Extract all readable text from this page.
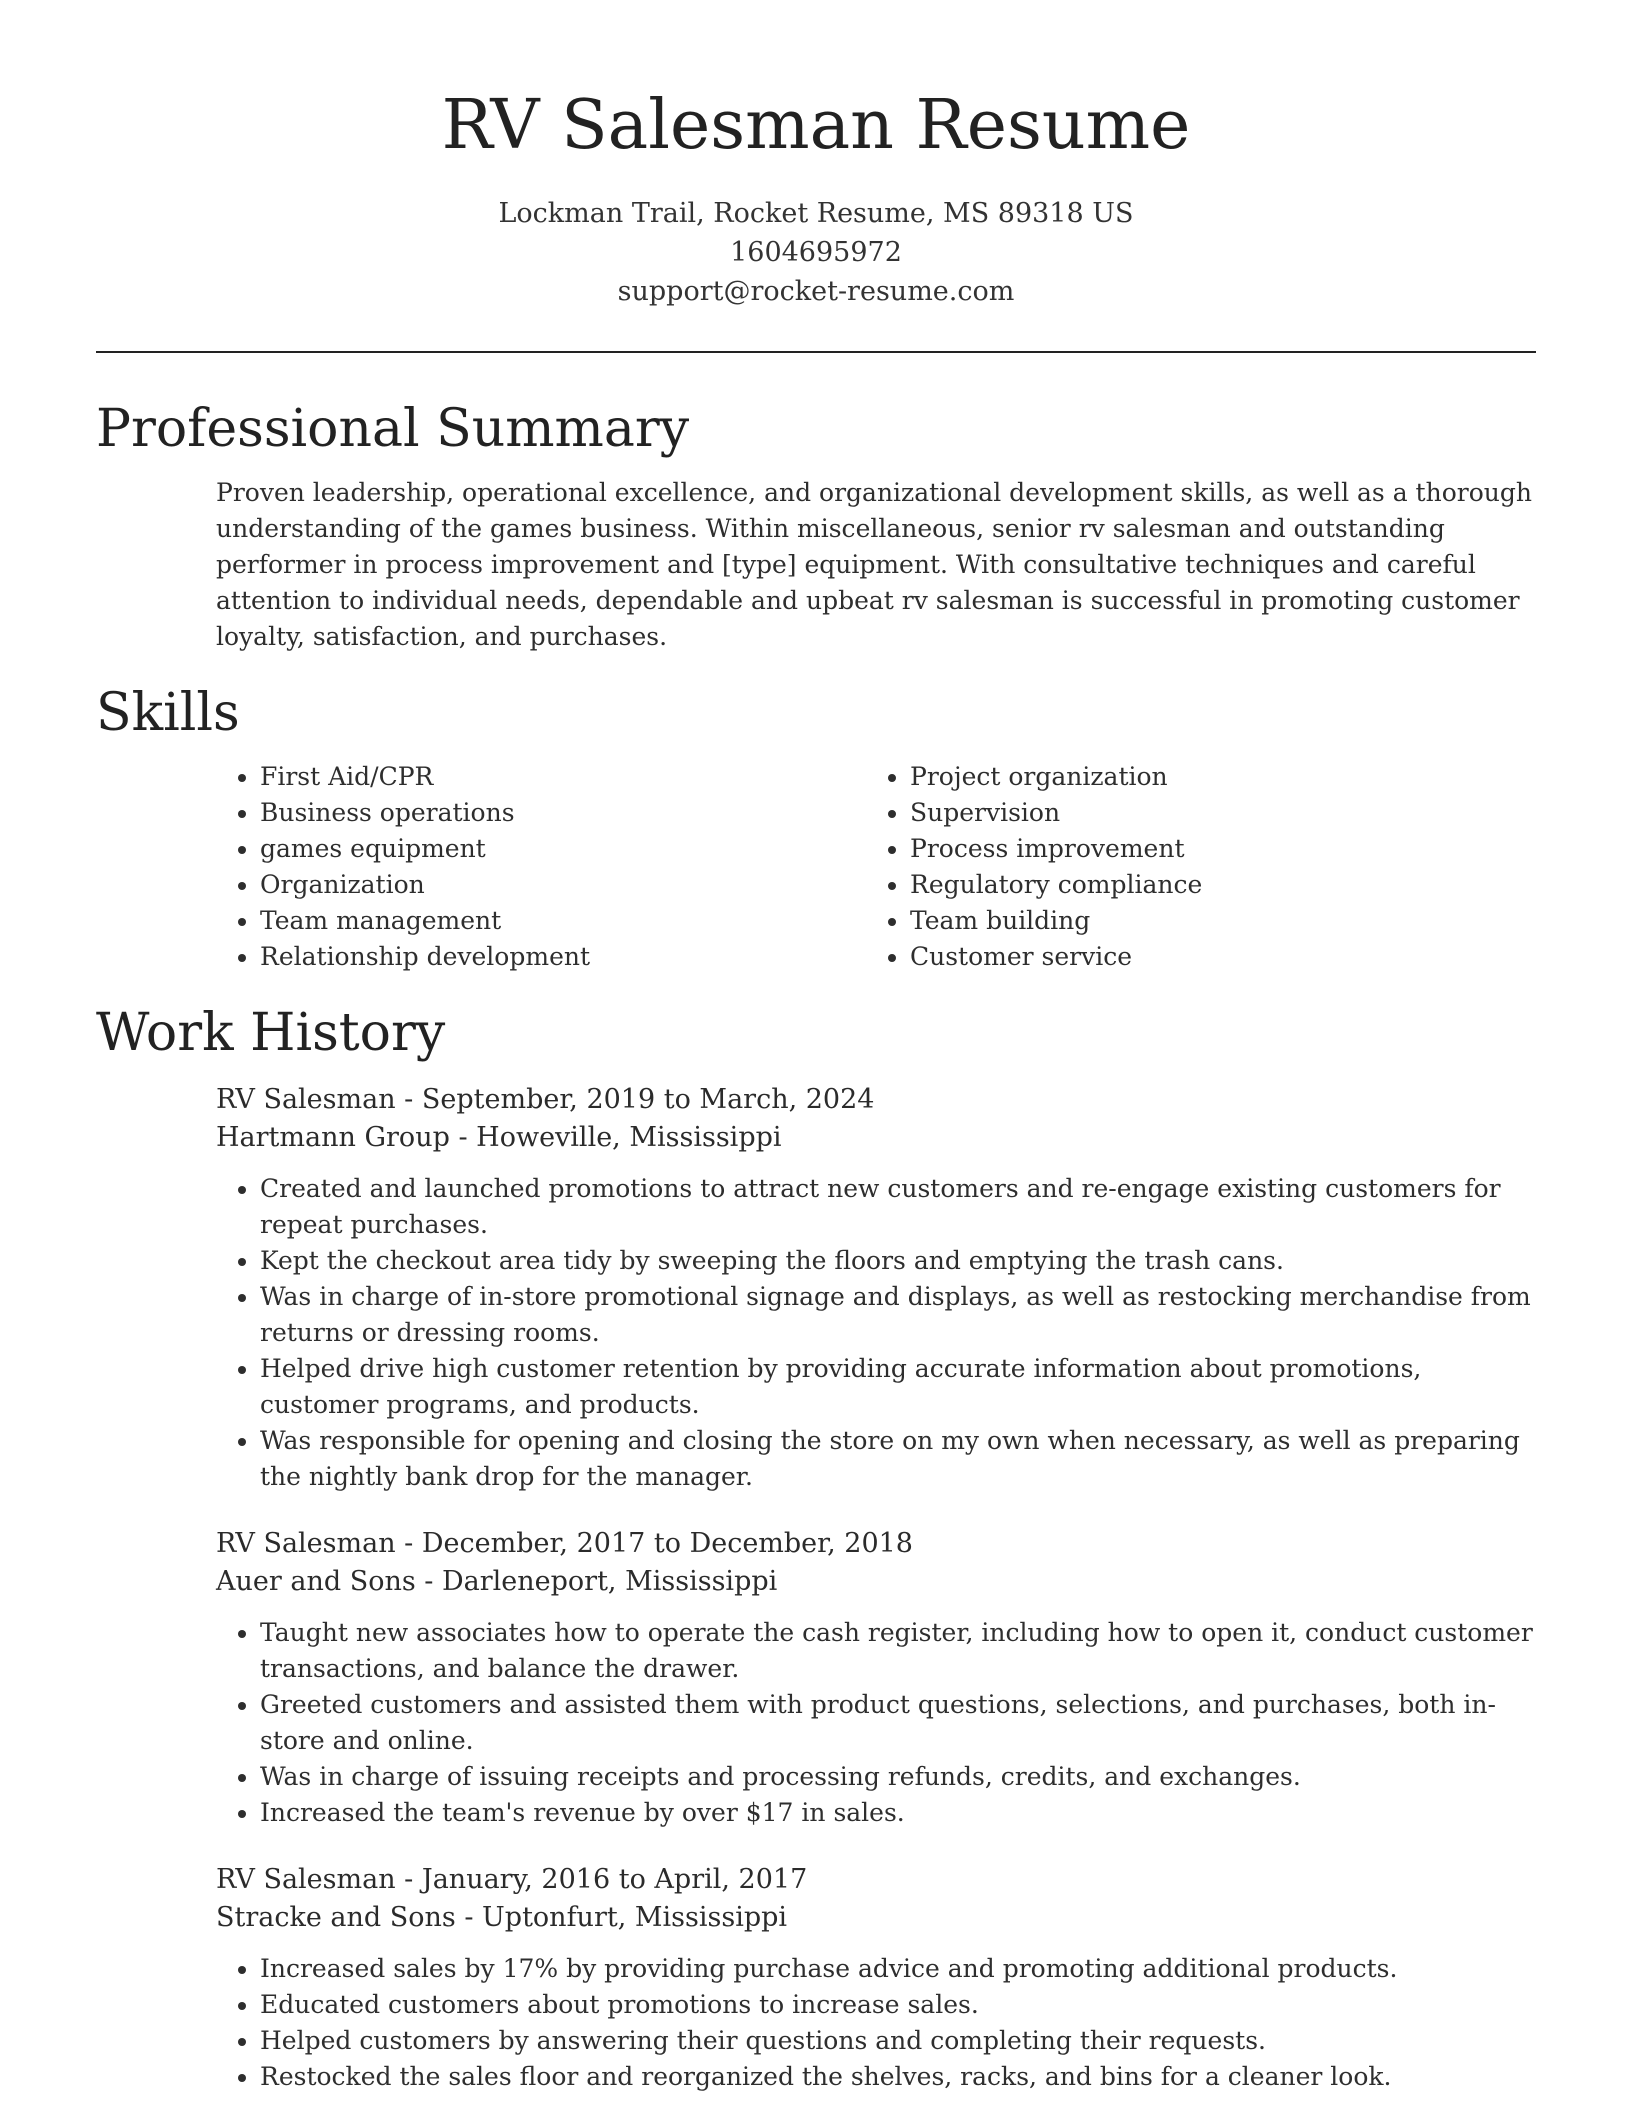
RV Salesman Resume
Lockman Trail, Rocket Resume, MS 89318 US
1604695972
support@rocket-resume.com
Professional Summary
Proven leadership, operational excellence, and organizational development skills, as well as a thorough understanding of the games business. Within miscellaneous, senior rv salesman and outstanding performer in process improvement and [type] equipment. With consultative techniques and careful attention to individual needs, dependable and upbeat rv salesman is successful in promoting customer loyalty, satisfaction, and purchases.
Skills
• First Aid/CPR
• Business operations
• games equipment
• Organization
• Team management
• Relationship development
• Project organization
• Supervision
• Process improvement
• Regulatory compliance
• Team building
• Customer service
Work History
RV Salesman - September, 2019 to March, 2024
Hartmann Group - Howeville, Mississippi
• Created and launched promotions to attract new customers and re-engage existing customers for repeat purchases.
• Kept the checkout area tidy by sweeping the floors and emptying the trash cans.
• Was in charge of in-store promotional signage and displays, as well as restocking merchandise from returns or dressing rooms.
• Helped drive high customer retention by providing accurate information about promotions, customer programs, and products.
• Was responsible for opening and closing the store on my own when necessary, as well as preparing the nightly bank drop for the manager.
RV Salesman - December, 2017 to December, 2018
Auer and Sons - Darleneport, Mississippi
• Taught new associates how to operate the cash register, including how to open it, conduct customer transactions, and balance the drawer.
• Greeted customers and assisted them with product questions, selections, and purchases, both in-store and online.
• Was in charge of issuing receipts and processing refunds, credits, and exchanges.
• Increased the team's revenue by over $17 in sales.
RV Salesman - January, 2016 to April, 2017
Stracke and Sons - Uptonfurt, Mississippi
• Increased sales by 17% by providing purchase advice and promoting additional products.
• Educated customers about promotions to increase sales.
• Helped customers by answering their questions and completing their requests.
• Restocked the sales floor and reorganized the shelves, racks, and bins for a cleaner look.
